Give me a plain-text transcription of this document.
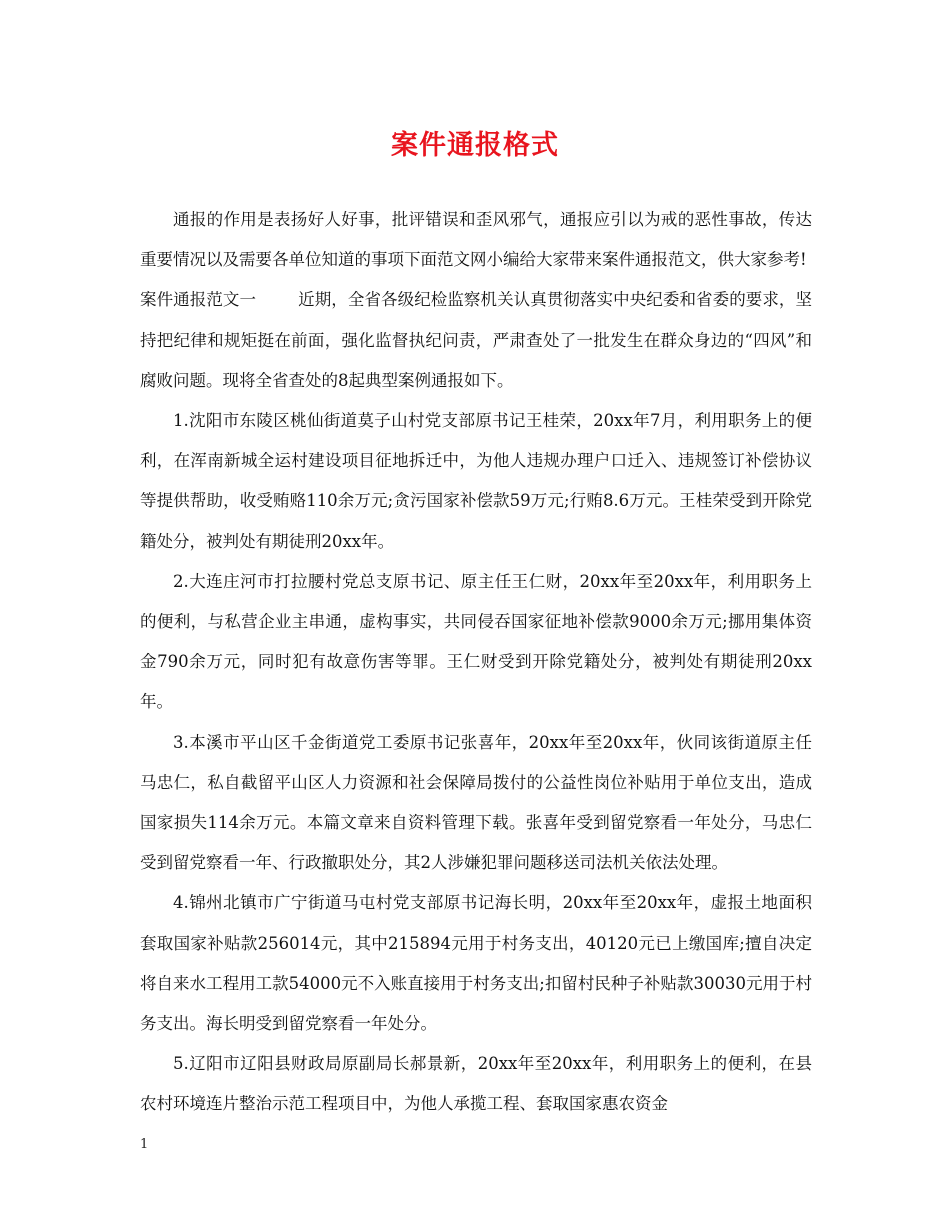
案件通报格式

通报的作用是表扬好人好事，批评错误和歪风邪气，通报应引以为戒的恶性事故，传达重要情况以及需要各单位知道的事项下面范文网小编给大家带来案件通报范文，供大家参考!

案件通报范文一	近期，全省各级纪检监察机关认真贯彻落实中央纪委和省委的要求，坚持把纪律和规矩挺在前面，强化监督执纪问责，严肃查处了一批发生在群众身边的“四风”和腐败问题。现将全省查处的8起典型案例通报如下。

1.沈阳市东陵区桃仙街道莫子山村党支部原书记王桂荣，20xx年7月，利用职务上的便利，在浑南新城全运村建设项目征地拆迁中，为他人违规办理户口迁入、违规签订补偿协议等提供帮助，收受贿赂110余万元;贪污国家补偿款59万元;行贿8.6万元。王桂荣受到开除党籍处分，被判处有期徒刑20xx年。

2.大连庄河市打拉腰村党总支原书记、原主任王仁财，20xx年至20xx年，利用职务上的便利，与私营企业主串通，虚构事实，共同侵吞国家征地补偿款9000余万元;挪用集体资金790余万元，同时犯有故意伤害等罪。王仁财受到开除党籍处分，被判处有期徒刑20xx年。

3.本溪市平山区千金街道党工委原书记张喜年，20xx年至20xx年，伙同该街道原主任马忠仁，私自截留平山区人力资源和社会保障局拨付的公益性岗位补贴用于单位支出，造成国家损失114余万元。本篇文章来自资料管理下载。张喜年受到留党察看一年处分，马忠仁受到留党察看一年、行政撤职处分，其2人涉嫌犯罪问题移送司法机关依法处理。

4.锦州北镇市广宁街道马屯村党支部原书记海长明，20xx年至20xx年，虚报土地面积套取国家补贴款256014元，其中215894元用于村务支出，40120元已上缴国库;擅自决定将自来水工程用工款54000元不入账直接用于村务支出;扣留村民种子补贴款30030元用于村务支出。海长明受到留党察看一年处分。

5.辽阳市辽阳县财政局原副局长郝景新，20xx年至20xx年，利用职务上的便利，在县农村环境连片整治示范工程项目中，为他人承揽工程、套取国家惠农资金

1
